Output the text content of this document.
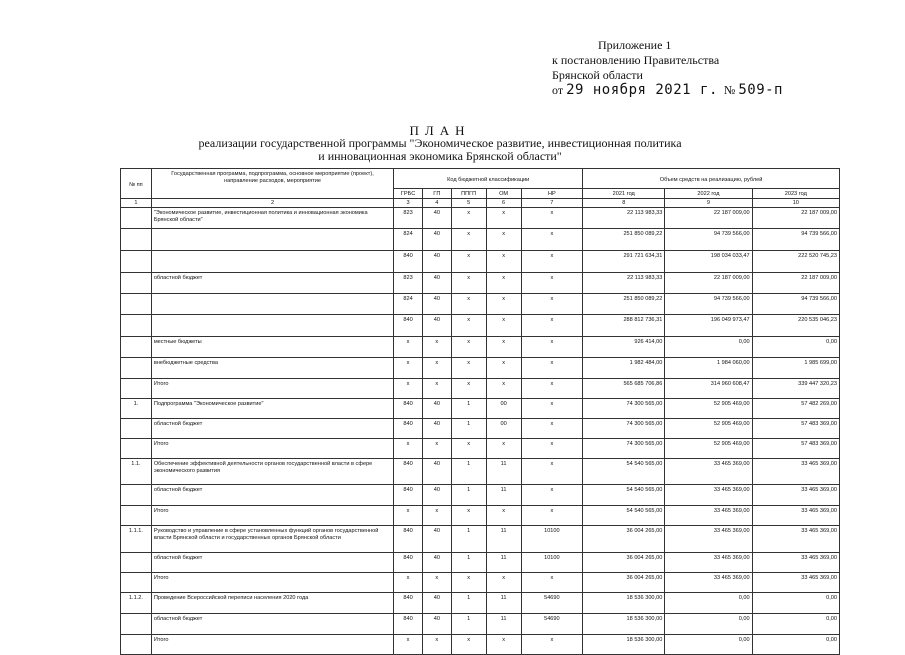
Приложение 1
к постановлению Правительства
Брянской области
от 29 ноября 2021 г. № 509-п
ПЛАН
реализации государственной программы "Экономическое развитие, инвестиционная политика
и инновационная экономика Брянской области"
№ пп	Государственная программа, подпрограмма, основное мероприятие (проект), направление расходов, мероприятие	Код бюджетной классификации					Объем средств на реализацию, рублей		
		ГРБС	ГП	ППГП	ОМ	НР	2021 год	2022 год	2023 год
1	2	3	4	5	6	7	8	9	10
	"Экономическое развитие, инвестиционная политика и инновационная экономика Брянской области"	823	40	х	х	х	22 113 983,33	22 187 009,00	22 187 009,00
		824	40	х	х	х	251 850 089,22	94 739 566,00	94 739 566,00
		840	40	х	х	х	291 721 634,31	198 034 033,47	222 520 745,23
	областной бюджет	823	40	х	х	х	22 113 983,33	22 187 009,00	22 187 009,00
		824	40	х	х	х	251 850 089,22	94 739 566,00	94 739 566,00
		840	40	х	х	х	288 812 736,31	196 049 973,47	220 535 046,23
	местные бюджеты	х	х	х	х	х	926 414,00	0,00	0,00
	внебюджетные средства	х	х	х	х	х	1 982 484,00	1 984 060,00	1 985 699,00
	Итого	х	х	х	х	х	565 685 706,86	314 960 608,47	339 447 320,23
1.	Подпрограмма "Экономическое развитие"	840	40	1	00	х	74 300 565,00	52 905 469,00	57 482 269,00
	областной бюджет	840	40	1	00	х	74 300 565,00	52 905 469,00	57 483 369,00
	Итого	х	х	х	х	х	74 300 565,00	52 905 469,00	57 483 369,00
1.1.	Обеспечение эффективной деятельности органов государственной власти в сфере экономического развития	840	40	1	11	х	54 540 565,00	33 465 369,00	33 465 369,00
	областной бюджет	840	40	1	11	х	54 540 565,00	33 465 369,00	33 465 369,00
	Итого	х	х	х	х	х	54 540 565,00	33 465 369,00	33 465 369,00
1.1.1.	Руководство и управление в сфере установленных функций органов государственной власти Брянской области и государственных органов Брянской области	840	40	1	11	10100	36 004 265,00	33 465 369,00	33 465 369,00
	областной бюджет	840	40	1	11	10100	36 004 265,00	33 465 369,00	33 465 369,00
	Итого	х	х	х	х	х	36 004 265,00	33 465 369,00	33 465 369,00
1.1.2.	Проведение Всероссийской переписи населения 2020 года	840	40	1	11	54690	18 536 300,00	0,00	0,00
	областной бюджет	840	40	1	11	54690	18 536 300,00	0,00	0,00
	Итого	х	х	х	х	х	18 536 300,00	0,00	0,00
